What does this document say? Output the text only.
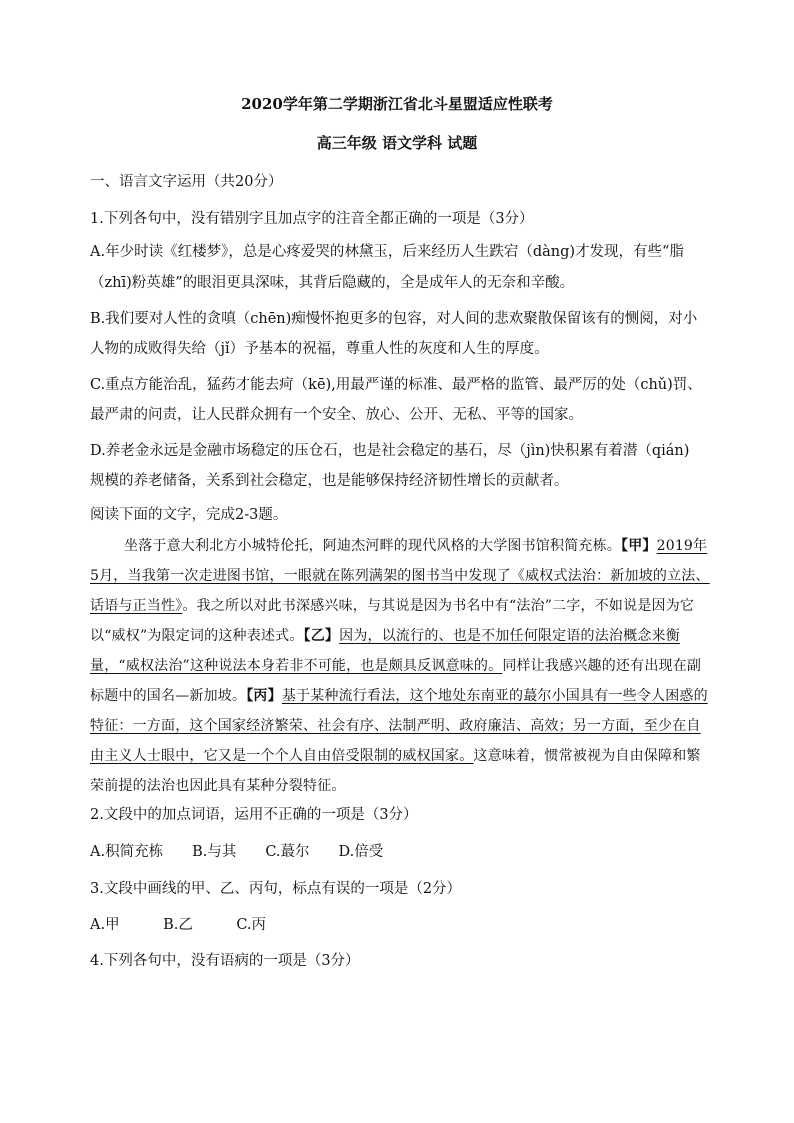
2020学年第二学期浙江省北斗星盟适应性联考
高三年级 语文学科 试题
一、语言文字运用（共20分）
1.下列各句中，没有错别字且加点字的注音全都正确的一项是（3分）
A.年少时读《红楼梦》，总是心疼爱哭的林黛玉，后来经历人生跌宕（dàng)才发现，有些“脂
（zhī)粉英雄”的眼泪更具深味，其背后隐藏的，全是成年人的无奈和辛酸。
B.我们要对人性的贪嗔（chēn)痴慢怀抱更多的包容，对人间的悲欢聚散保留该有的恻阅，对小
人物的成败得失给（jǐ）予基本的祝福，尊重人性的灰度和人生的厚度。
C.重点方能治乱，猛药才能去疴（kē),用最严谨的标准、最严格的监管、最严厉的处（chǔ)罚、
最严肃的问责，让人民群众拥有一个安全、放心、公开、无私、平等的国家。
D.养老金永远是金融市场稳定的压仓石，也是社会稳定的基石，尽（jìn)快积累有着潜（qián)
规模的养老储备，关系到社会稳定，也是能够保持经济韧性增长的贡献者。
阅读下面的文字，完成2-3题。
坐落于意大利北方小城特伦托，阿迪杰河畔的现代风格的大学图书馆积简充栋。【甲】2019年5月，当我第一次走进图书馆，一眼就在陈列满架的图书当中发现了《威权式法治：新加坡的立法、话语与正当性》。我之所以对此书深感兴味，与其说是因为书名中有“法治”二字，不如说是因为它以“威权”为限定词的这种表述式。【乙】因为，以流行的、也是不加任何限定语的法治概念来衡量，“威权法治”这种说法本身若非不可能，也是颇具反讽意味的。同样让我感兴趣的还有出现在副标题中的国名—新加坡。【丙】基于某种流行看法，这个地处东南亚的蕞尔小国具有一些令人困惑的特征：一方面，这个国家经济繁荣、社会有序、法制严明、政府廉洁、高效；另一方面，至少在自由主义人士眼中，它又是一个个人自由倍受限制的威权国家。这意味着，惯常被视为自由保障和繁荣前提的法治也因此具有某种分裂特征。
2.文段中的加点词语，运用不正确的一项是（3分）
A.积简充栋　　B.与其　　C.蕞尔　　D.倍受
3.文段中画线的甲、乙、丙句，标点有误的一项是（2分）
A.甲　　　B.乙　　　C.丙
4.下列各句中，没有语病的一项是（3分）
